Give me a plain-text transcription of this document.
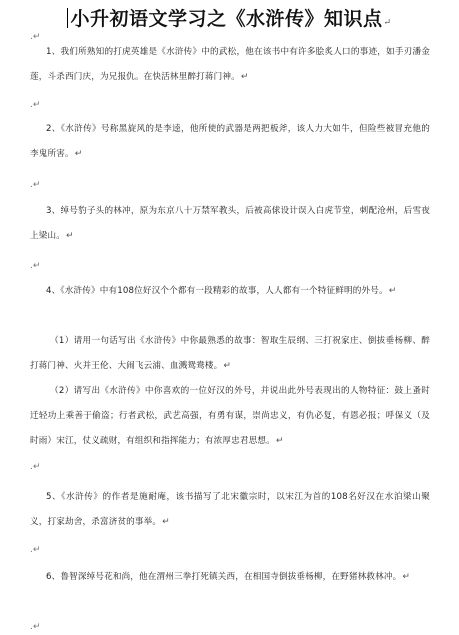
小升初语文学习之《水浒传》知识点↵
.↵
1、我们所熟知的打虎英雄是《水浒传》中的武松，他在该书中有许多脍炙人口的事迹，如手刃潘金莲，斗杀西门庆，为兄报仇。在快活林里醉打蒋门神。↵
.↵
2、《水浒传》号称黑旋风的是李逵，他所使的武器是两把板斧，该人力大如牛，但险些被冒充他的李鬼所害。↵
.↵
3、绰号豹子头的林冲，原为东京八十万禁军教头，后被高俅设计误入白虎节堂，刺配沧州，后雪夜上梁山。↵
.↵
4、《水浒传》中有108位好汉个个都有一段精彩的故事，人人都有一个特征鲜明的外号。↵
（1）请用一句话写出《水浒传》中你最熟悉的故事：智取生辰纲、三打祝家庄、倒拔垂杨柳、醉打蒋门神、火并王伦、大闹飞云浦、血溅鸳鸯楼。↵
（2）请写出《水浒传》中你喜欢的一位好汉的外号，并说出此外号表现出的人物特征：鼓上蚤时迁轻功上乘善于偷盗；行者武松，武艺高强，有勇有谋，崇尚忠义，有仇必复，有恩必报；呼保义（及时雨）宋江，仗义疏财，有组织和指挥能力；有浓厚忠君思想。↵
.↵
5、《水浒传》的作者是施耐庵，该书描写了北宋徽宗时，以宋江为首的108名好汉在水泊梁山聚义，打家劫舍，杀富济贫的事举。↵
.↵
6、鲁智深绰号花和尚，他在渭州三拳打死镇关西，在相国寺倒拔垂杨柳，在野猪林救林冲。↵
.↵
